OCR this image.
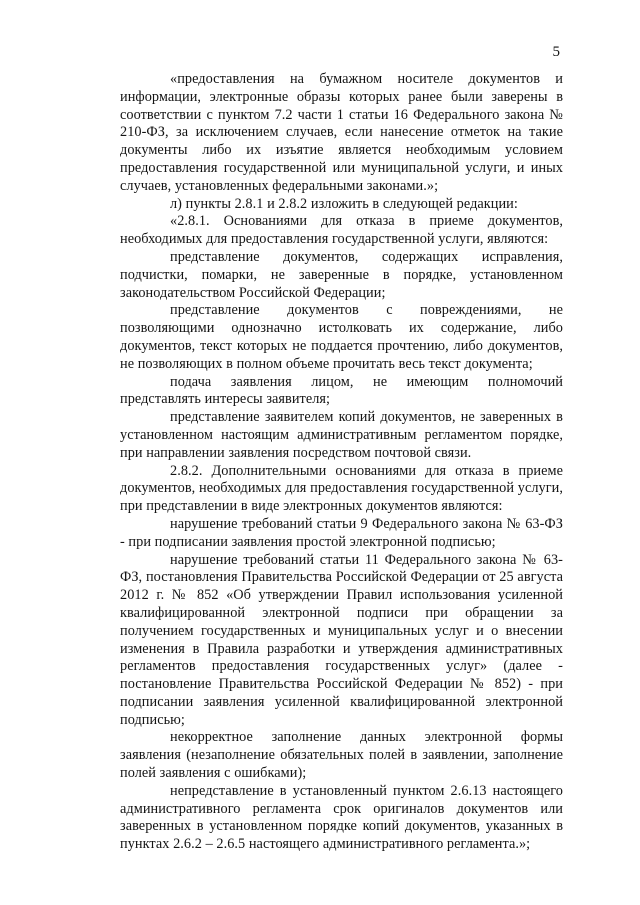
5

«предоставления на бумажном носителе документов и информации, электронные образы которых ранее были заверены в соответствии с пунктом 7.2 части 1 статьи 16 Федерального закона № 210-ФЗ, за исключением случаев, если нанесение отметок на такие документы либо их изъятие является необходимым условием предоставления государственной или муниципальной услуги, и иных случаев, установленных федеральными законами.»;

л) пункты 2.8.1 и 2.8.2 изложить в следующей редакции:

«2.8.1. Основаниями для отказа в приеме документов, необходимых для предоставления государственной услуги, являются:

представление документов, содержащих исправления, подчистки, помарки, не заверенные в порядке, установленном законодательством Российской Федерации;

представление документов с повреждениями, не позволяющими однозначно истолковать их содержание, либо документов, текст которых не поддается прочтению, либо документов, не позволяющих в полном объеме прочитать весь текст документа;

подача заявления лицом, не имеющим полномочий представлять интересы заявителя;

представление заявителем копий документов, не заверенных в установленном настоящим административным регламентом порядке, при направлении заявления посредством почтовой связи.

2.8.2. Дополнительными основаниями для отказа в приеме документов, необходимых для предоставления государственной услуги, при представлении в виде электронных документов являются:

нарушение требований статьи 9 Федерального закона № 63-ФЗ - при подписании заявления простой электронной подписью;

нарушение требований статьи 11 Федерального закона № 63-ФЗ, постановления Правительства Российской Федерации от 25 августа 2012 г. № 852 «Об утверждении Правил использования усиленной квалифицированной электронной подписи при обращении за получением государственных и муниципальных услуг и о внесении изменения в Правила разработки и утверждения административных регламентов предоставления государственных услуг» (далее - постановление Правительства Российской Федерации № 852) - при подписании заявления усиленной квалифицированной электронной подписью;

некорректное заполнение данных электронной формы заявления (незаполнение обязательных полей в заявлении, заполнение полей заявления с ошибками);

непредставление в установленный пунктом 2.6.13 настоящего административного регламента срок оригиналов документов или заверенных в установленном порядке копий документов, указанных в пунктах 2.6.2 – 2.6.5 настоящего административного регламента.»;
